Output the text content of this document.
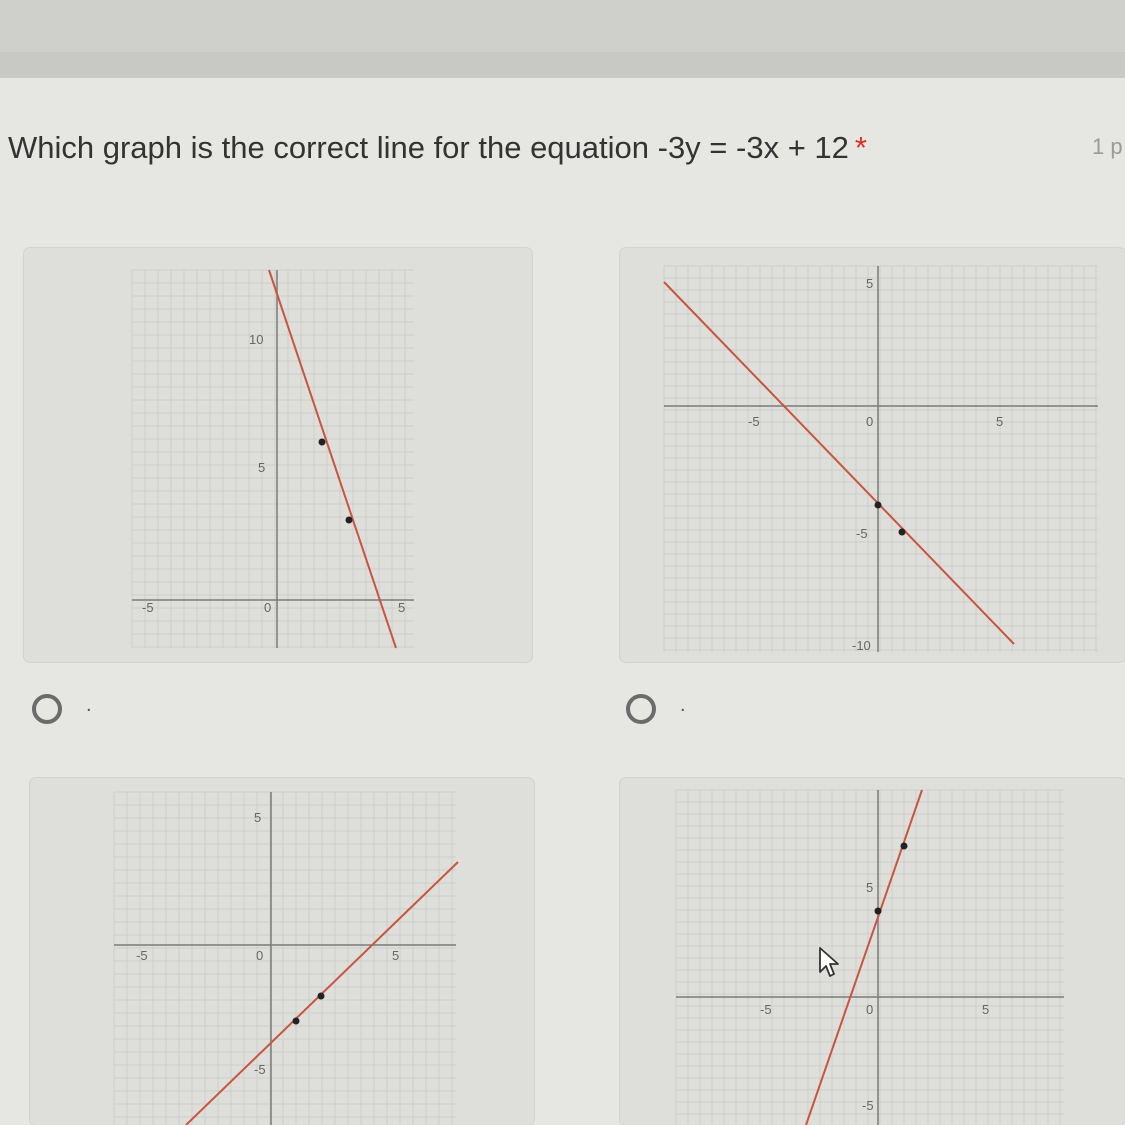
Which graph is the correct line for the equation -3y = -3x + 12 *	1 p
10
5
-5	0	5
5
-5	0	5
-5
-10
.	.
5
-5	0	5
-5
5
-5	0	5
-5
